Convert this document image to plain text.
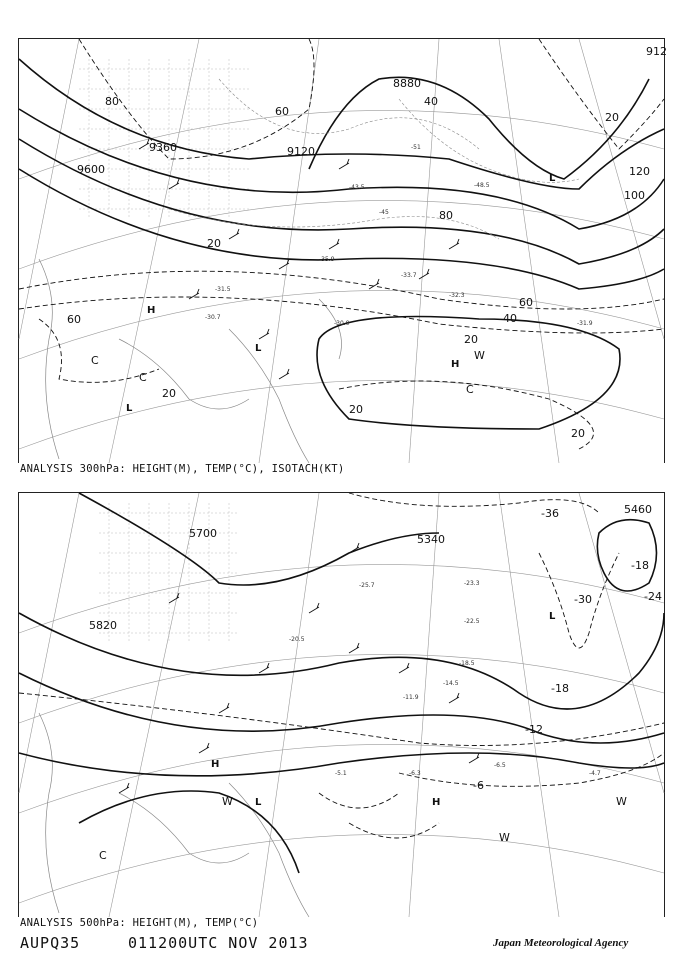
9600
9360	9120
8880
912
80
60
40
20
120
100
60
40
20
80
60
20
20
20
20
H
H
L
L
L
W
C
C
C
-31.5
-30.9
-30.7
-35.9
-43.5
-45
-51
-48.5
-32.3
-33.7
-31.9
ANALYSIS 300hPa: HEIGHT(M), TEMP(°C), ISOTACH(KT)
5700
5820
5340
5460
-36
-30	-24
-18
-18
-12
-6
H
H
L
L
W	W
W
C
-23.3
-22.5
-18.5
-14.5
-11.9
-6.5
-6.3
-5.1	-4.7
-25.7
-20.5
ANALYSIS 500hPa: HEIGHT(M), TEMP(°C)
AUPQ35	011200UTC NOV 2013	Japan Meteorological Agency
